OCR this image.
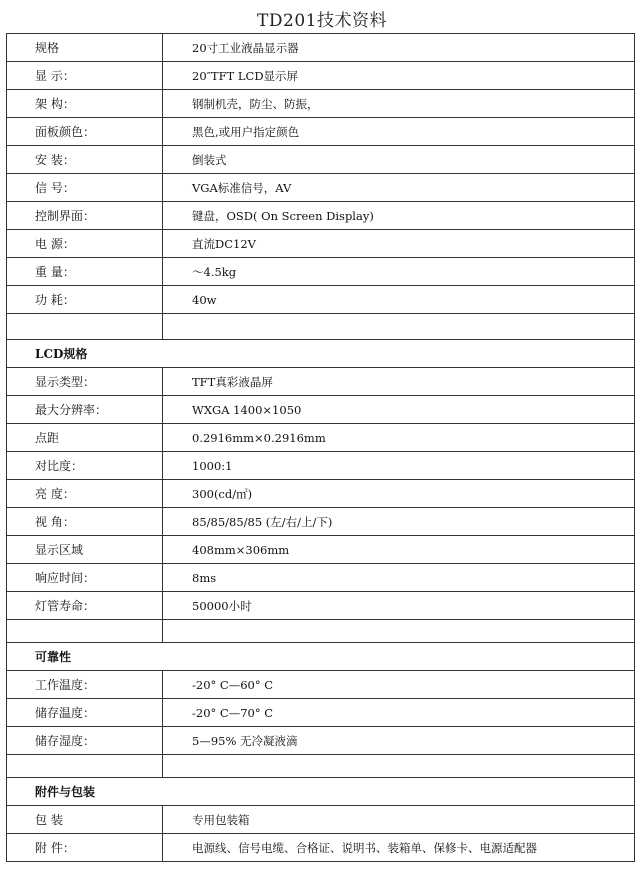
TD201技术资料
规格	20寸工业液晶显示器
显 示：	20″TFT LCD显示屏
架 构：	钢制机壳，防尘、防振，
面板颜色：	黑色,或用户指定颜色
安 装：	倒装式
信 号：	VGA标准信号，AV
控制界面：	键盘，OSD( On Screen Display)
电 源：	直流DC12V
重 量：	～4.5kg
功 耗：	40w

LCD规格	
显示类型：	TFT真彩液晶屏
最大分辨率：	WXGA 1400×1050
点距	0.2916mm×0.2916mm
对比度：	1000:1
亮 度：	300(cd/㎡)
视 角：	85/85/85/85 (左/右/上/下)
显示区域	408mm×306mm
响应时间：	8ms
灯管寿命：	50000小时

可靠性	
工作温度：	-20° C—60° C
储存温度：	-20° C—70° C
储存湿度：	5—95% 无冷凝液滴

附件与包装	
包 装	专用包装箱
附 件：	电源线、信号电缆、合格证、说明书、装箱单、保修卡、电源适配器
